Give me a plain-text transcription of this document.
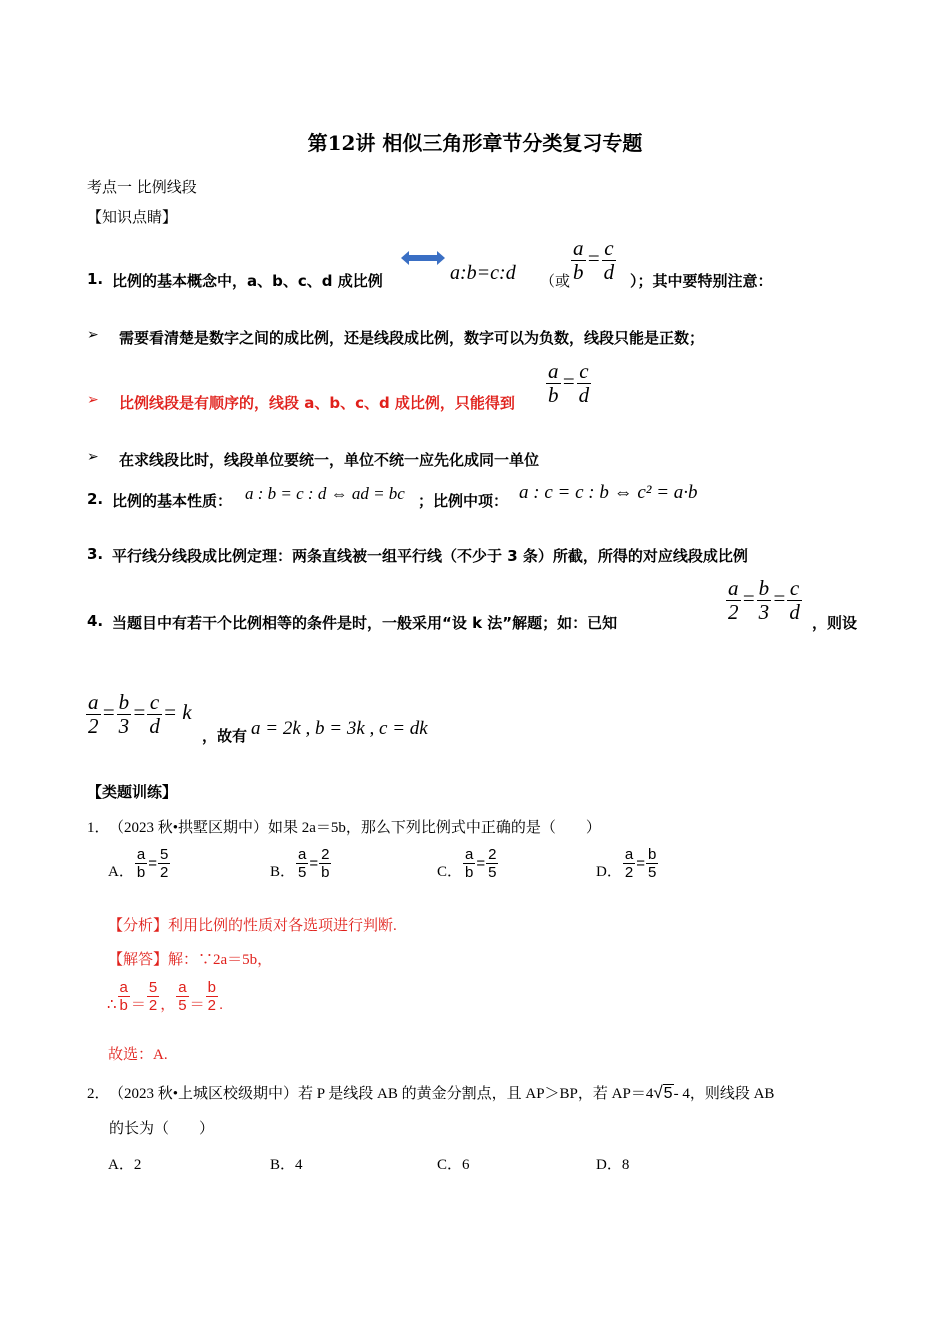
第12讲 相似三角形章节分类复习专题
考点一 比例线段
【知识点睛】
1. 比例的基本概念中，a、b、c、d 成比例	a:b=c:d （或 $\frac{a}{b} = \frac{c}{d}$ ）；其中要特别注意：
➢ 需要看清楚是数字之间的成比例，还是线段成比例，数字可以为负数，线段只能是正数；
➢ 比例线段是有顺序的，线段 a、b、c、d 成比例，只能得到 $\frac{a}{b} = \frac{c}{d}$
➢ 在求线段比时，线段单位要统一，单位不统一应先化成同一单位
2. 比例的基本性质： a : b = c : d ⇔ ad = bc ；比例中项： a : c = c : b ⇔ c² = a·b
3. 平行线分线段成比例定理：两条直线被一组平行线（不少于 3 条）所截，所得的对应线段成比例
4. 当题目中有若干个比例相等的条件是时，一般采用“设 k 法”解题；如：已知	$\frac{a}{2} = \frac{b}{3} = \frac{c}{d}$ ，则设
$\frac{a}{2} = \frac{b}{3} = \frac{c}{d} = k$
，故有 a = 2k , b = 3k , c = dk
【类题训练】
1． （2023 秋•拱墅区期中）如果 2a＝5b，那么下列比例式中正确的是（　　）
A． $\frac{a}{b} = \frac{5}{2}$	B． $\frac{a}{5} = \frac{2}{b}$	C． $\frac{a}{b} = \frac{2}{5}$	D． $\frac{a}{2} = \frac{b}{5}$
【分析】利用比例的性质对各选项进行判断.
【解答】解：∵2a＝5b，
∴ $\frac{a}{b} = \frac{5}{2}$ ， $\frac{a}{5} = \frac{b}{2}$ .
故选：A.
2． （2023 秋•上城区校级期中）若 P 是线段 AB 的黄金分割点，且 AP＞BP，若 AP＝4√5- 4，则线段 AB
的长为（　　）
A．2	B．4	C．6	D．8
